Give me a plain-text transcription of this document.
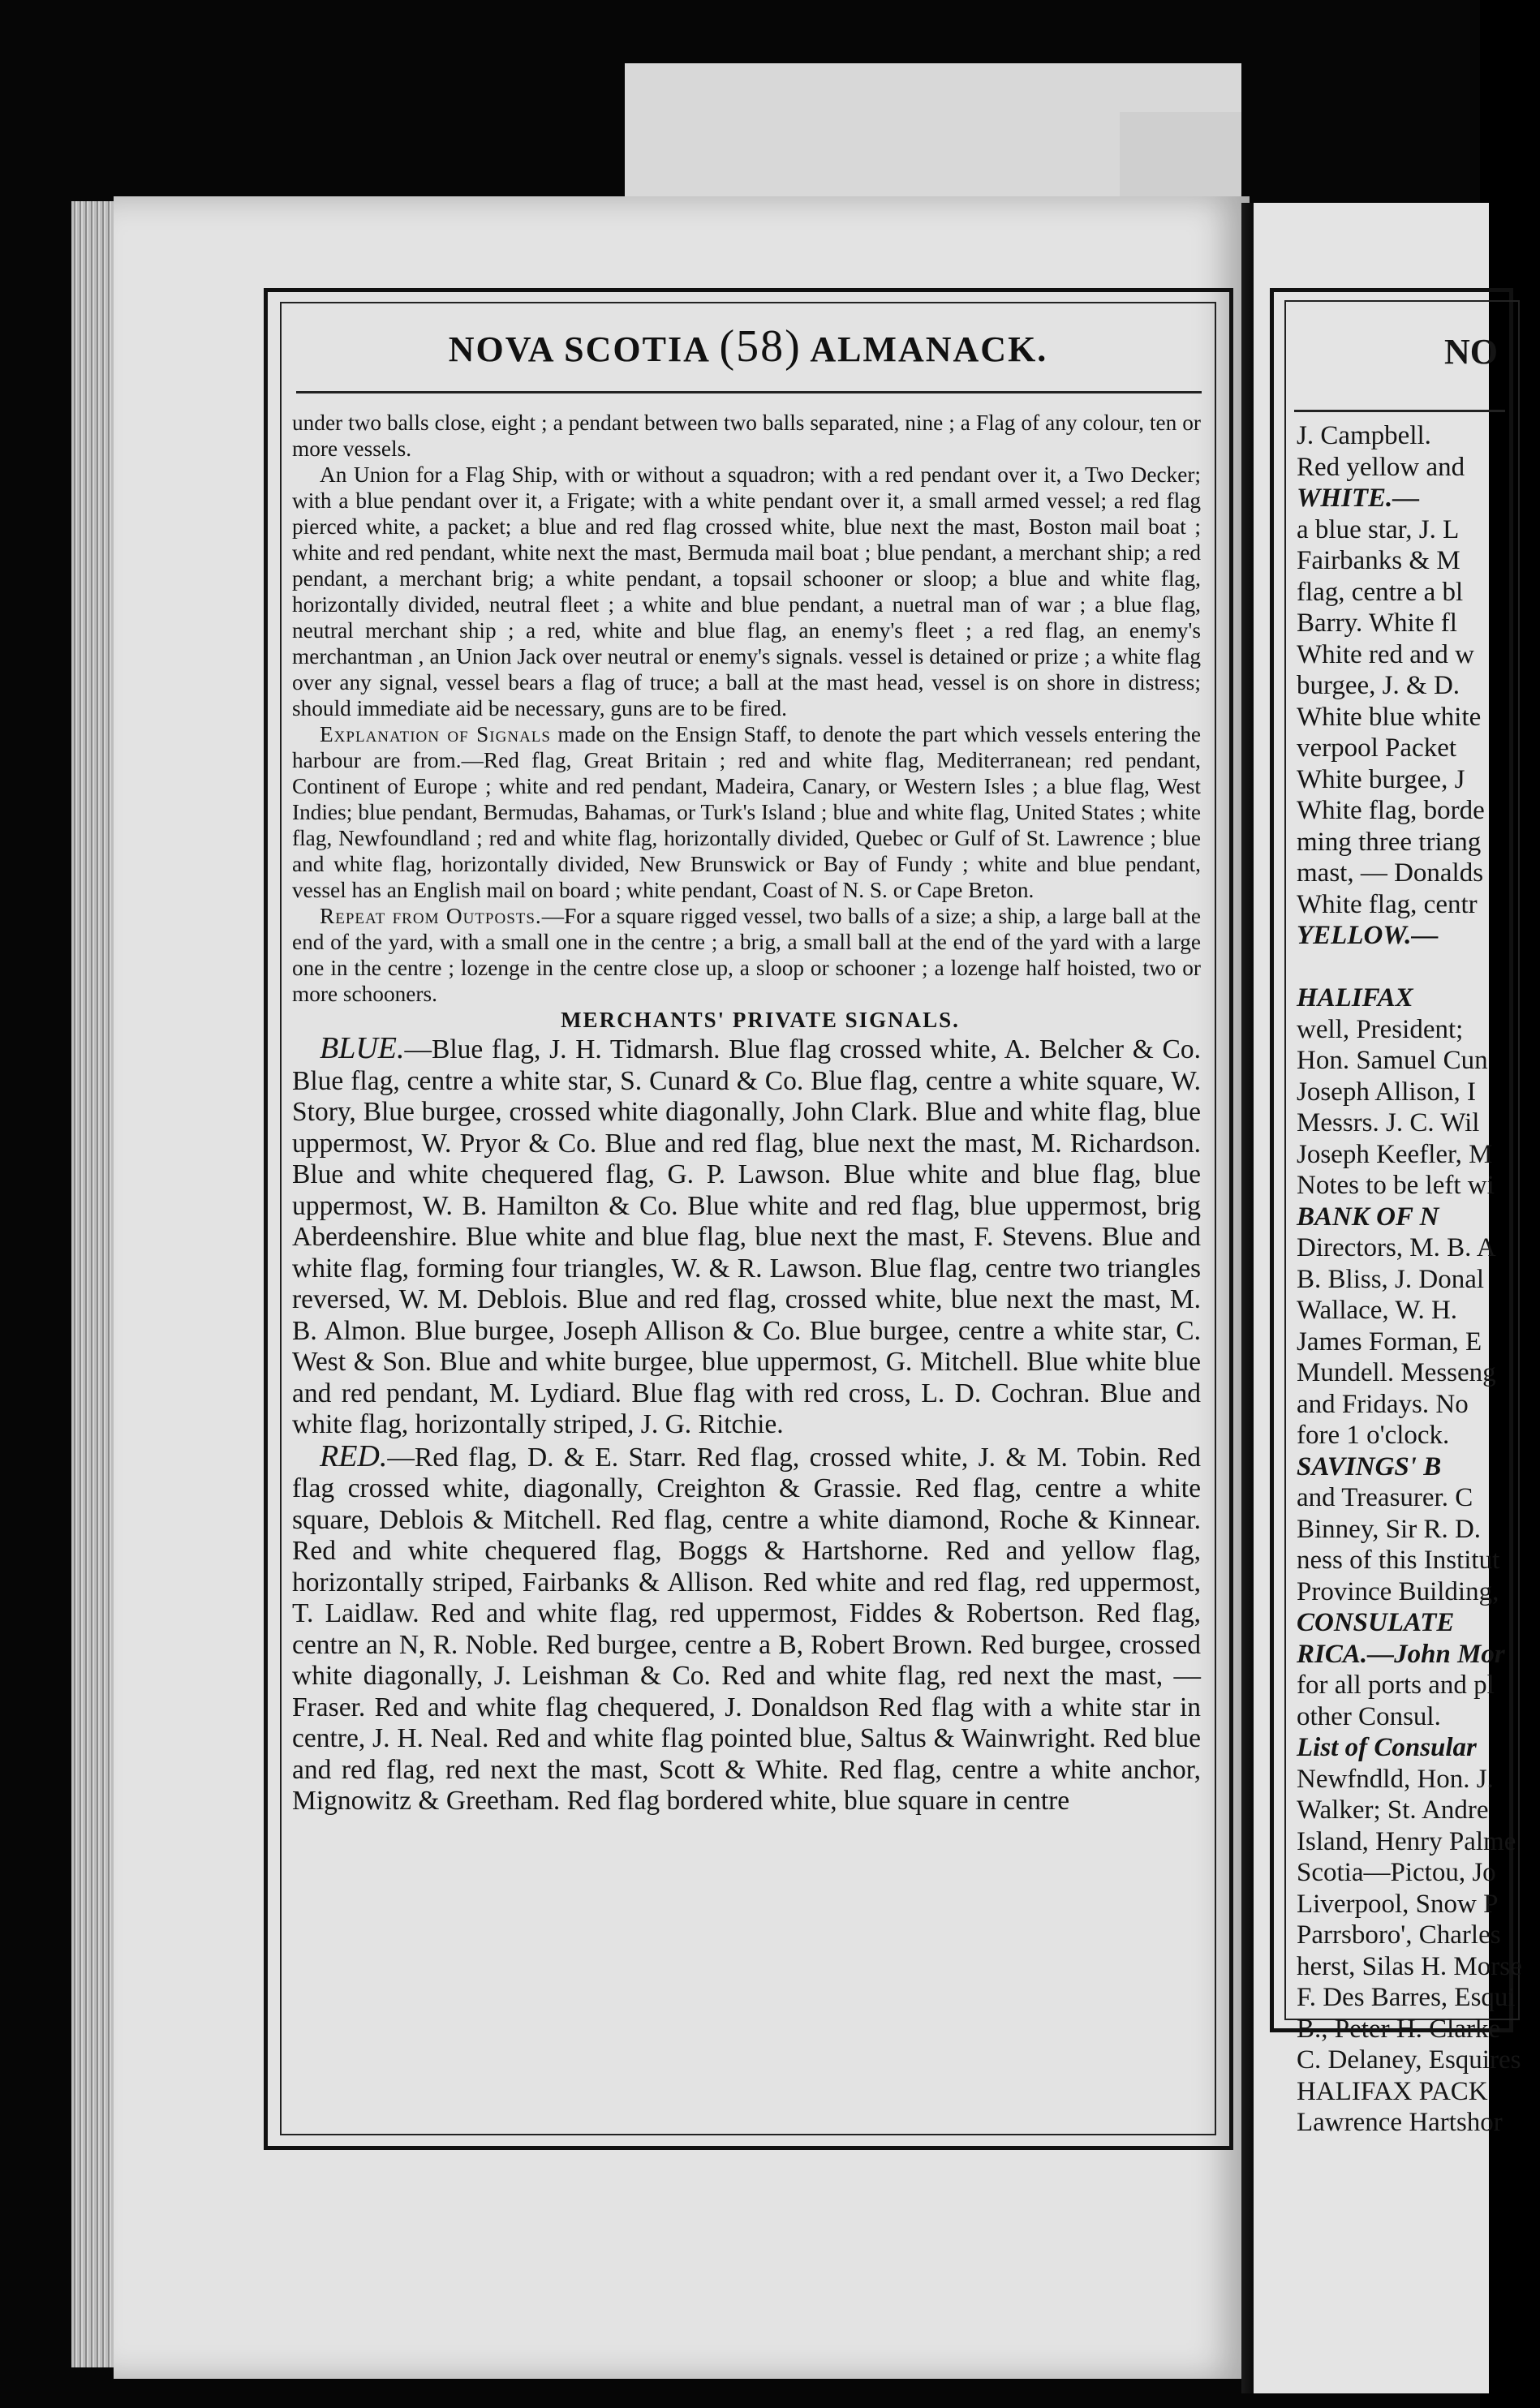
NOVA SCOTIA (58) ALMANACK.

under two balls close, eight ; a pendant between two balls separated, nine ; a Flag of any colour, ten or more vessels.

An Union for a Flag Ship, with or without a squadron; with a red pendant over it, a Two Decker; with a blue pendant over it, a Frigate; with a white pendant over it, a small armed vessel; a red flag pierced white, a packet; a blue and red flag crossed white, blue next the mast, Boston mail boat ; white and red pendant, white next the mast, Bermuda mail boat ; blue pendant, a merchant ship; a red pendant, a merchant brig; a white pendant, a topsail schooner or sloop; a blue and white flag, horizontally divided, neutral fleet ; a white and blue pendant, a nuetral man of war ; a blue flag, neutral merchant ship ; a red, white and blue flag, an enemy's fleet ; a red flag, an enemy's merchantman , an Union Jack over neutral or enemy's signals. vessel is detained or prize ; a white flag over any signal, vessel bears a flag of truce; a ball at the mast head, vessel is on shore in distress; should immediate aid be necessary, guns are to be fired.

Explanation of Signals made on the Ensign Staff, to denote the part which vessels entering the harbour are from.—Red flag, Great Britain ; red and white flag, Mediterranean; red pendant, Continent of Europe ; white and red pendant, Madeira, Canary, or Western Isles ; a blue flag, West Indies; blue pendant, Bermudas, Bahamas, or Turk's Island ; blue and white flag, United States ; white flag, Newfoundland ; red and white flag, horizontally divided, Quebec or Gulf of St. Lawrence ; blue and white flag, horizontally divided, New Brunswick or Bay of Fundy ; white and blue pendant, vessel has an English mail on board ; white pendant, Coast of N. S. or Cape Breton.

Repeat from Outposts.—For a square rigged vessel, two balls of a size; a ship, a large ball at the end of the yard, with a small one in the centre ; a brig, a small ball at the end of the yard with a large one in the centre ; lozenge in the centre close up, a sloop or schooner ; a lozenge half hoisted, two or more schooners.

MERCHANTS' PRIVATE SIGNALS.

BLUE.—Blue flag, J. H. Tidmarsh. Blue flag crossed white, A. Belcher & Co. Blue flag, centre a white star, S. Cunard & Co. Blue flag, centre a white square, W. Story, Blue burgee, crossed white diagonally, John Clark. Blue and white flag, blue uppermost, W. Pryor & Co. Blue and red flag, blue next the mast, M. Richardson. Blue and white chequered flag, G. P. Lawson. Blue white and blue flag, blue uppermost, W. B. Hamilton & Co. Blue white and red flag, blue uppermost, brig Aberdeenshire. Blue white and blue flag, blue next the mast, F. Stevens. Blue and white flag, forming four triangles, W. & R. Lawson. Blue flag, centre two triangles reversed, W. M. Deblois. Blue and red flag, crossed white, blue next the mast, M. B. Almon. Blue burgee, Joseph Allison & Co. Blue burgee, centre a white star, C. West & Son. Blue and white burgee, blue uppermost, G. Mitchell. Blue white blue and red pendant, M. Lydiard. Blue flag with red cross, L. D. Cochran. Blue and white flag, horizontally striped, J. G. Ritchie.

RED.—Red flag, D. & E. Starr. Red flag, crossed white, J. & M. Tobin. Red flag crossed white, diagonally, Creighton & Grassie. Red flag, centre a white square, Deblois & Mitchell. Red flag, centre a white diamond, Roche & Kinnear. Red and white chequered flag, Boggs & Hartshorne. Red and yellow flag, horizontally striped, Fairbanks & Allison. Red white and red flag, red uppermost, T. Laidlaw. Red and white flag, red uppermost, Fiddes & Robertson. Red flag, centre an N, R. Noble. Red burgee, centre a B, Robert Brown. Red burgee, crossed white diagonally, J. Leishman & Co. Red and white flag, red next the mast, — Fraser. Red and white flag chequered, J. Donaldson Red flag with a white star in centre, J. H. Neal. Red and white flag pointed blue, Saltus & Wainwright. Red blue and red flag, red next the mast, Scott & White. Red flag, centre a white anchor, Mignowitz & Greetham. Red flag bordered white, blue square in centre

NO
J. Campbell.
Red yellow and
WHITE.—
a blue star, J. L
Fairbanks & M
flag, centre a bl
Barry. White fl
White red and w
burgee, J. & D.
White blue white
verpool Packet
White burgee, J
White flag, borde
ming three triang
mast, — Donalds
White flag, centr
YELLOW.—
HALIFAX
well, President;
Hon. Samuel Cun
Joseph Allison, I
Messrs. J. C. Wil
Joseph Keefler, M
Notes to be left wi
BANK OF N
Directors, M. B. A
B. Bliss, J. Donal
Wallace, W. H.
James Forman, E
Mundell. Messeng
and Fridays. No
fore 1 o'clock.
SAVINGS' B
and Treasurer. C
Binney, Sir R. D.
ness of this Institut
Province Building,
CONSULATE
RICA.—John Mor
for all ports and pl
other Consul.
List of Consular
Newfndld, Hon. J.
Walker; St. Andre
Island, Henry Palme
Scotia—Pictou, Jo
Liverpool, Snow P
Parrsboro', Charles
herst, Silas H. Morse
F. Des Barres, Esqui
B., Peter H. Clarke
C. Delaney, Esquires
HALIFAX PACK
Lawrence Hartshor
